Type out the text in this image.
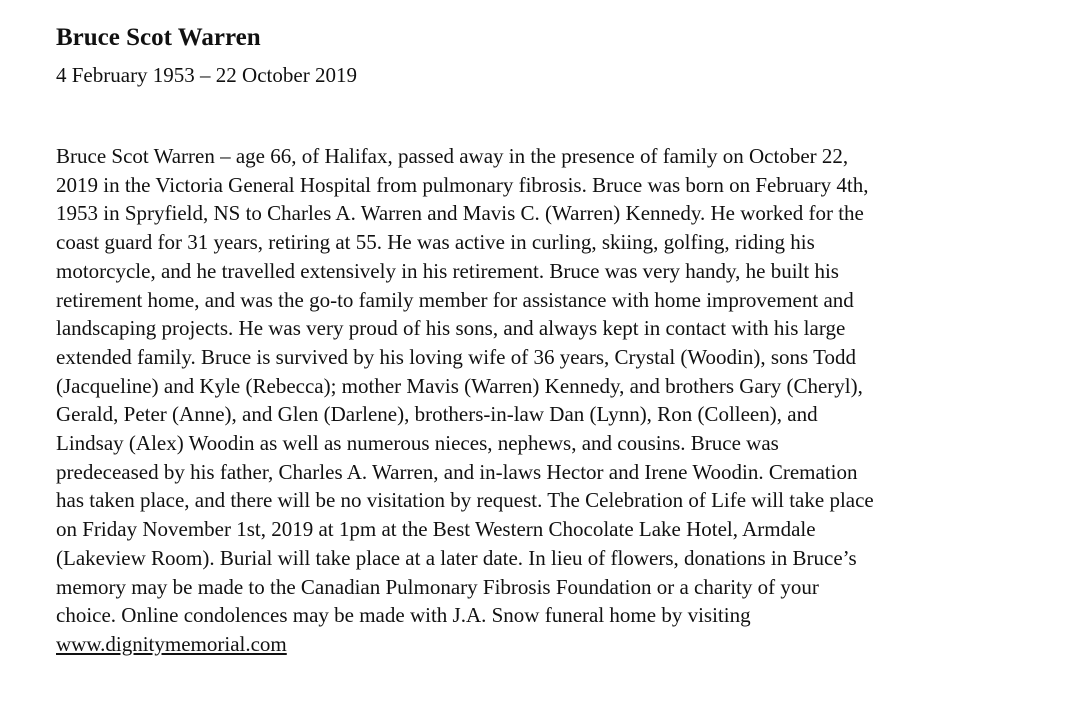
Bruce Scot Warren

4 February 1953 – 22 October 2019

Bruce Scot Warren – age 66, of Halifax, passed away in the presence of family on October 22,
2019 in the Victoria General Hospital from pulmonary fibrosis. Bruce was born on February 4th,
1953 in Spryfield, NS to Charles A. Warren and Mavis C. (Warren) Kennedy. He worked for the
coast guard for 31 years, retiring at 55. He was active in curling, skiing, golfing, riding his
motorcycle, and he travelled extensively in his retirement. Bruce was very handy, he built his
retirement home, and was the go-to family member for assistance with home improvement and
landscaping projects. He was very proud of his sons, and always kept in contact with his large
extended family. Bruce is survived by his loving wife of 36 years, Crystal (Woodin), sons Todd
(Jacqueline) and Kyle (Rebecca); mother Mavis (Warren) Kennedy, and brothers Gary (Cheryl),
Gerald, Peter (Anne), and Glen (Darlene), brothers-in-law Dan (Lynn), Ron (Colleen), and
Lindsay (Alex) Woodin as well as numerous nieces, nephews, and cousins. Bruce was
predeceased by his father, Charles A. Warren, and in-laws Hector and Irene Woodin. Cremation
has taken place, and there will be no visitation by request. The Celebration of Life will take place
on Friday November 1st, 2019 at 1pm at the Best Western Chocolate Lake Hotel, Armdale
(Lakeview Room). Burial will take place at a later date. In lieu of flowers, donations in Bruce’s
memory may be made to the Canadian Pulmonary Fibrosis Foundation or a charity of your
choice. Online condolences may be made with J.A. Snow funeral home by visiting
www.dignitymemorial.com
